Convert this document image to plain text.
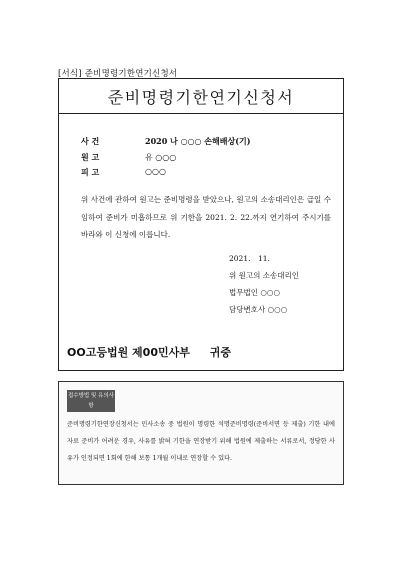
[서식] 준비명령기한연기신청서
준비명령기한연기신청서
사 건	2020 나 ○○○ 손해배상(기)
원 고	유 ○○○
피 고	○○○
위 사건에 관하여 원고는 준비명령을 받았으나, 원고의 소송대리인은 급일 수임하여 준비가 미흡하므로 위 기한을 2021. 2. 22.까지 연기하여 주시기를 바라와 이 신청에 이릅니다.
2021.　11.
위 원고의 소송대리인
법무법인 ○○○
담당변호사 ○○○
OO고등법원 제00민사부 귀중
접수방법 및 유의사항
준비명령기한연장신청서는 민사소송 중 법원이 명령한 석명준비명령(준비서면 등 제출) 기한 내에 자료 준비가 어려운 경우, 사유를 밝혀 기한을 연장받기 위해 법원에 제출하는 서류로서, 정당한 사유가 인정되면 1회에 한해 보통 1개월 이내로 연장할 수 있다.
